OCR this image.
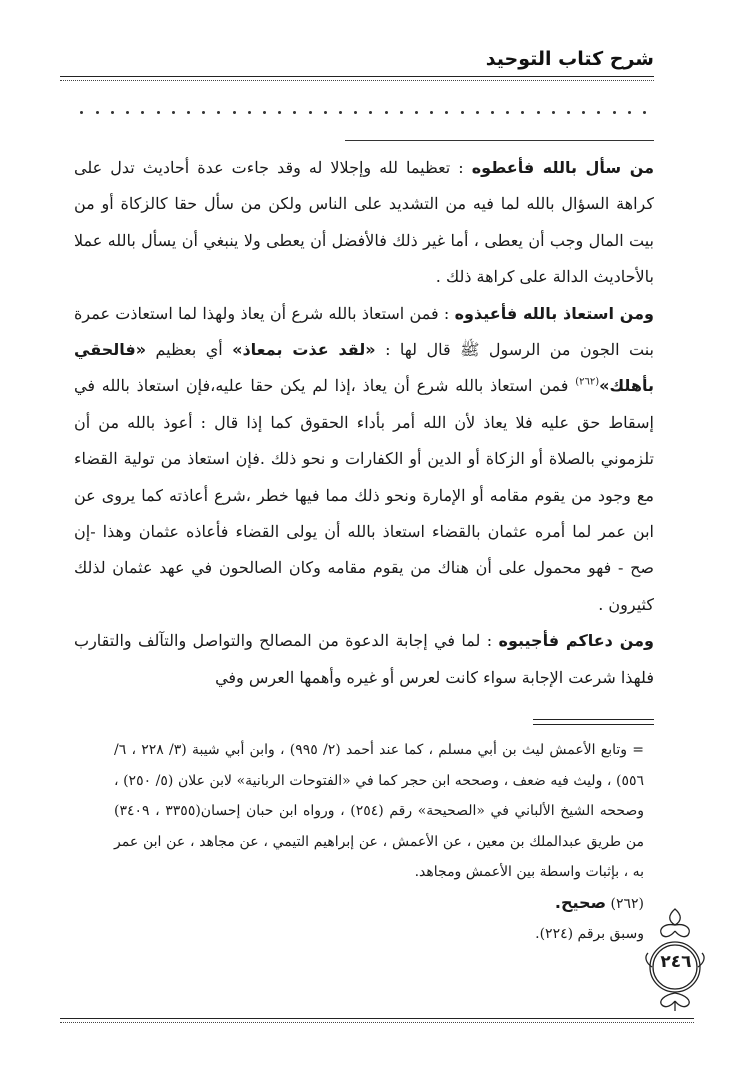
شرح كتاب التوحيد

من سأل بالله فأعطوه : تعظيما لله وإجلالا له وقد جاءت عدة أحاديث تدل على كراهة السؤال بالله لما فيه من التشديد على الناس ولكن من سأل حقا كالزكاة أو من بيت المال وجب أن يعطى ، أما غير ذلك فالأفضل أن يعطى ولا ينبغي أن يسأل بالله عملا بالأحاديث الدالة على كراهة ذلك .

ومن استعاذ بالله فأعيذوه : فمن استعاذ بالله شرع أن يعاذ ولهذا لما استعاذت عمرة بنت الجون من الرسول ﷺ قال لها : «لقد عذت بمعاذ» أي بعظيم «فالحقي بأهلك»$^{(٢٦٢)}$ فمن استعاذ بالله شرع أن يعاذ ،إذا لم يكن حقا عليه،فإن استعاذ بالله في إسقاط حق عليه فلا يعاذ لأن الله أمر بأداء الحقوق كما إذا قال : أعوذ بالله من أن تلزموني بالصلاة أو الزكاة أو الدين أو الكفارات و نحو ذلك .فإن استعاذ من تولية القضاء مع وجود من يقوم مقامه أو الإمارة ونحو ذلك مما فيها خطر ،شرع أعاذته كما يروى عن ابن عمر لما أمره عثمان بالقضاء استعاذ بالله أن يولى القضاء فأعاذه عثمان وهذا -إن صح - فهو محمول على أن هناك من يقوم مقامه وكان الصالحون في عهد عثمان لذلك كثيرون .

ومن دعاكم فأجيبوه : لما في إجابة الدعوة من المصالح والتواصل والتآلف والتقارب فلهذا شرعت الإجابة سواء كانت لعرس أو غيره وأهمها العرس وفي

= وتابع الأعمش ليث بن أبي مسلم ، كما عند أحمد (٢/ ٩٩٥) ، وابن أبي شيبة (٣/ ٢٢٨ ، ٦/ ٥٥٦) ، وليث فيه ضعف ، وصححه ابن حجر كما في «الفتوحات الربانية» لابن علان (٥/ ٢٥٠) ، وصححه الشيخ الألباني في «الصحيحة» رقم (٢٥٤) ، ورواه ابن حبان إحسان(٣٣٥٥ ، ٣٤٠٩) من طريق عبدالملك بن معين ، عن الأعمش ، عن إبراهيم التيمي ، عن مجاهد ، عن ابن عمر به ، بإثبات واسطة بين الأعمش ومجاهد.

(٢٦٢) صحيح.

وسبق برقم (٢٢٤).

٢٤٦
